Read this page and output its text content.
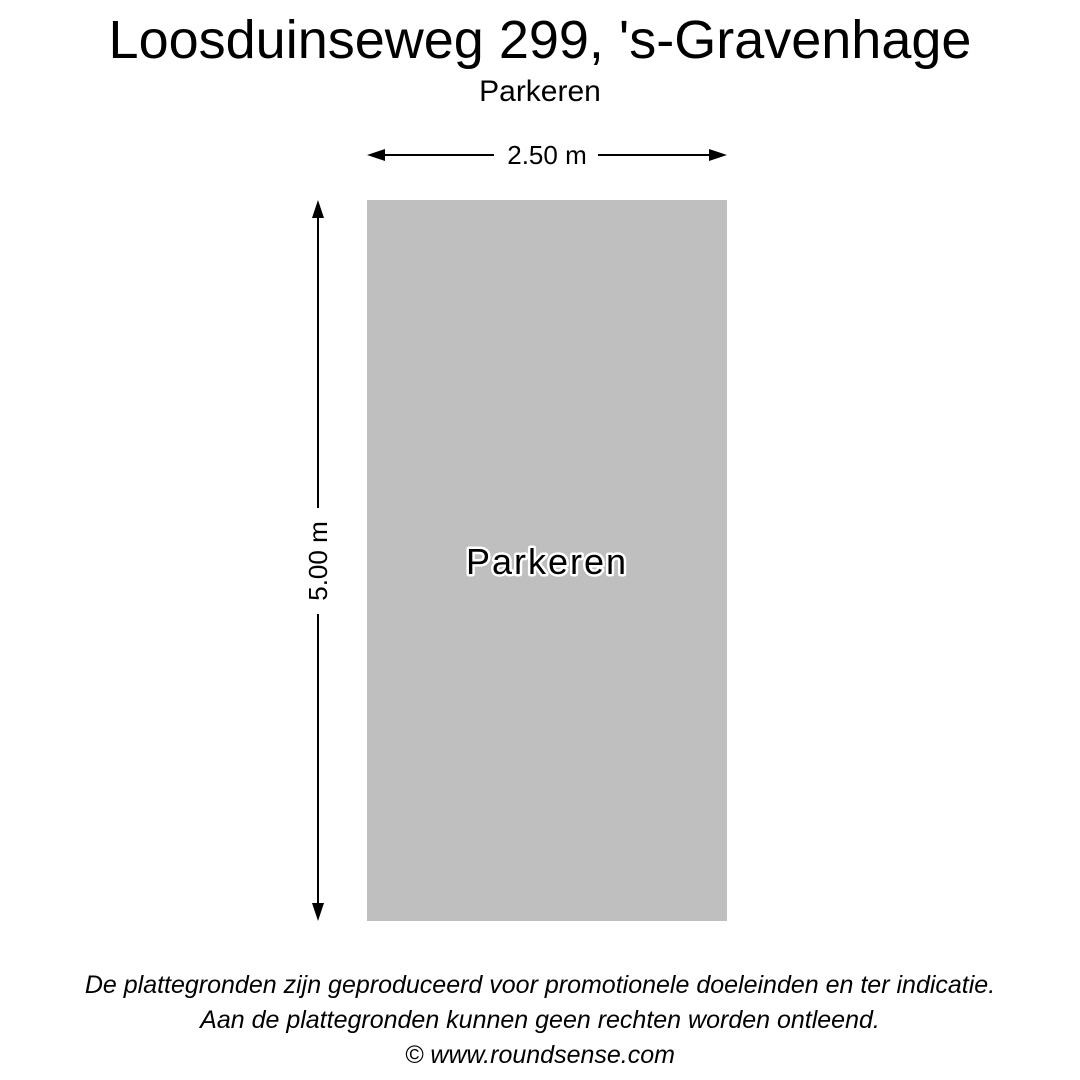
Loosduinseweg 299, 's-Gravenhage
Parkeren
2.50 m
5.00 m	Parkeren
De plattegronden zijn geproduceerd voor promotionele doeleinden en ter indicatie.
Aan de plattegronden kunnen geen rechten worden ontleend.
© www.roundsense.com
